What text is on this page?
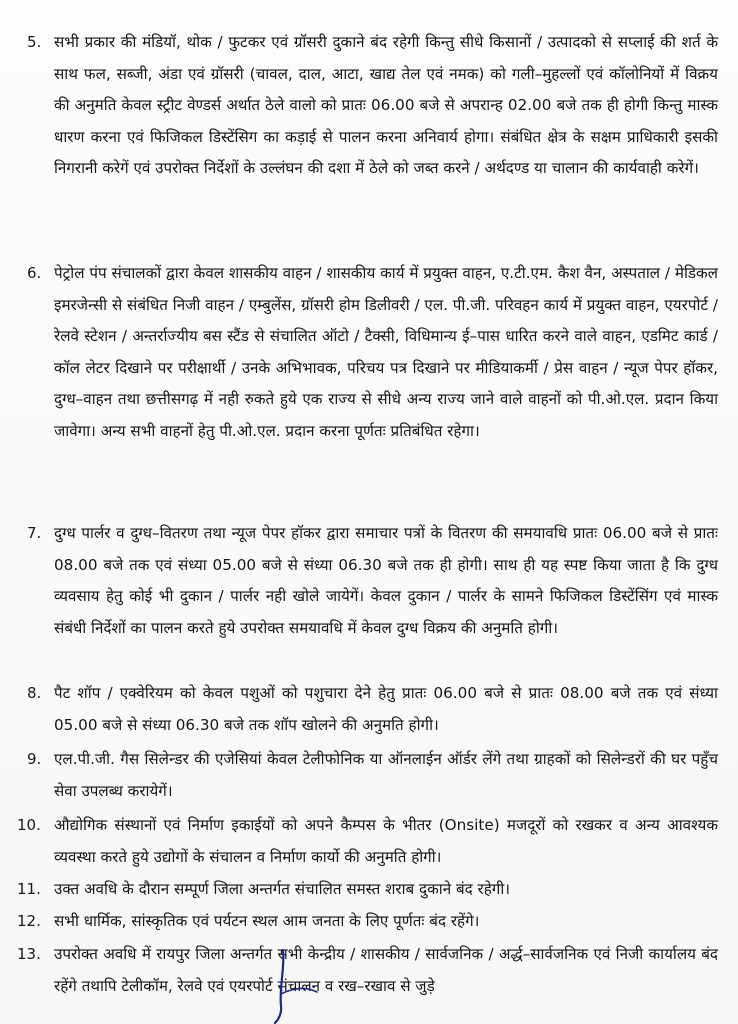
5. सभी प्रकार की मंडियॉ, थोक / फुटकर एवं ग्रॉसरी दुकाने बंद रहेगी किन्तु सीधे किसानों / उत्पादको से सप्लाई की शर्त के साथ फल, सब्जी, अंडा एवं ग्रॉसरी (चावल, दाल, आटा, खाद्य तेल एवं नमक) को गली–मुहल्लों एवं कॉलोनियों में विक्रय की अनुमति केवल स्ट्रीट वेण्डर्स अर्थात ठेले वालो को प्रातः 06.00 बजे से अपरान्ह 02.00 बजे तक ही होगी किन्तु मास्क धारण करना एवं फिजिकल डिस्टेंसिग का कड़ाई से पालन करना अनिवार्य होगा। संबंधित क्षेत्र के सक्षम प्राधिकारी इसकी निगरानी करेगें एवं उपरोक्त निर्देशों के उल्लंघन की दशा में ठेले को जब्त करने / अर्थदण्ड या चालान की कार्यवाही करेगें।

6. पेट्रोल पंप संचालकों द्वारा केवल शासकीय वाहन / शासकीय कार्य में प्रयुक्त वाहन, ए.टी.एम. कैश वैन, अस्पताल / मेडिकल इमरजेन्सी से संबंधित निजी वाहन / एम्बुलेंस, ग्रॉसरी होम डिलीवरी / एल. पी.जी. परिवहन कार्य में प्रयुक्त वाहन, एयरपोर्ट / रेलवे स्टेशन / अन्तर्राज्यीय बस स्टैंड से संचालित ऑटो / टैक्सी, विधिमान्य ई–पास धारित करने वाले वाहन, एडमिट कार्ड / कॉल लेटर दिखाने पर परीक्षार्थी / उनके अभिभावक, परिचय पत्र दिखाने पर मीडियाकर्मी / प्रेस वाहन / न्यूज पेपर हॉकर, दुग्ध–वाहन तथा छत्तीसगढ़ में नही रुकते हुये एक राज्य से सीधे अन्य राज्य जाने वाले वाहनों को पी.ओ.एल. प्रदान किया जावेगा। अन्य सभी वाहनों हेतु पी.ओ.एल. प्रदान करना पूर्णतः प्रतिबंधित रहेगा।

7. दुग्ध पार्लर व दुग्ध–वितरण तथा न्यूज पेपर हॉकर द्वारा समाचार पत्रों के वितरण की समयावधि प्रातः 06.00 बजे से प्रातः 08.00 बजे तक एवं संध्या 05.00 बजे से संध्या 06.30 बजे तक ही होगी। साथ ही यह स्पष्ट किया जाता है कि दुग्ध व्यवसाय हेतु कोई भी दुकान / पार्लर नही खोले जायेगें। केवल दुकान / पार्लर के सामने फिजिकल डिस्टेंसिंग एवं मास्क संबंधी निर्देशों का पालन करते हुये उपरोक्त समयावधि में केवल दुग्ध विक्रय की अनुमति होगी।

8. पैट शॉप / एक्वेरियम को केवल पशुओं को पशुचारा देने हेतु प्रातः 06.00 बजे से प्रातः 08.00 बजे तक एवं संध्या 05.00 बजे से संध्या 06.30 बजे तक शॉप खोलने की अनुमति होगी।

9. एल.पी.जी. गैस सिलेन्डर की एजेसियां केवल टेलीफोनिक या ऑनलाईन ऑर्डर लेंगे तथा ग्राहकों को सिलेन्डरों की घर पहुँच सेवा उपलब्ध करायेगें।

10. औद्योगिक संस्थानों एवं निर्माण इकाईयों को अपने कैम्पस के भीतर (Onsite) मजदूरों को रखकर व अन्य आवश्यक व्यवस्था करते हुये उद्योगों के संचालन व निर्माण कार्यो की अनुमति होगी।

11. उक्त अवधि के दौरान सम्पूर्ण जिला अन्तर्गत संचालित समस्त शराब दुकाने बंद रहेगी।

12. सभी धार्मिक, सांस्कृतिक एवं पर्यटन स्थल आम जनता के लिए पूर्णतः बंद रहेंगे।

13. उपरोक्त अवधि में रायपुर जिला अन्तर्गत सभी केन्द्रीय / शासकीय / सार्वजनिक / अर्द्ध–सार्वजनिक एवं निजी कार्यालय बंद रहेंगे तथापि टेलीकॉम, रेलवे एवं एयरपोर्ट संचालन व रख–रखाव से जुड़े
